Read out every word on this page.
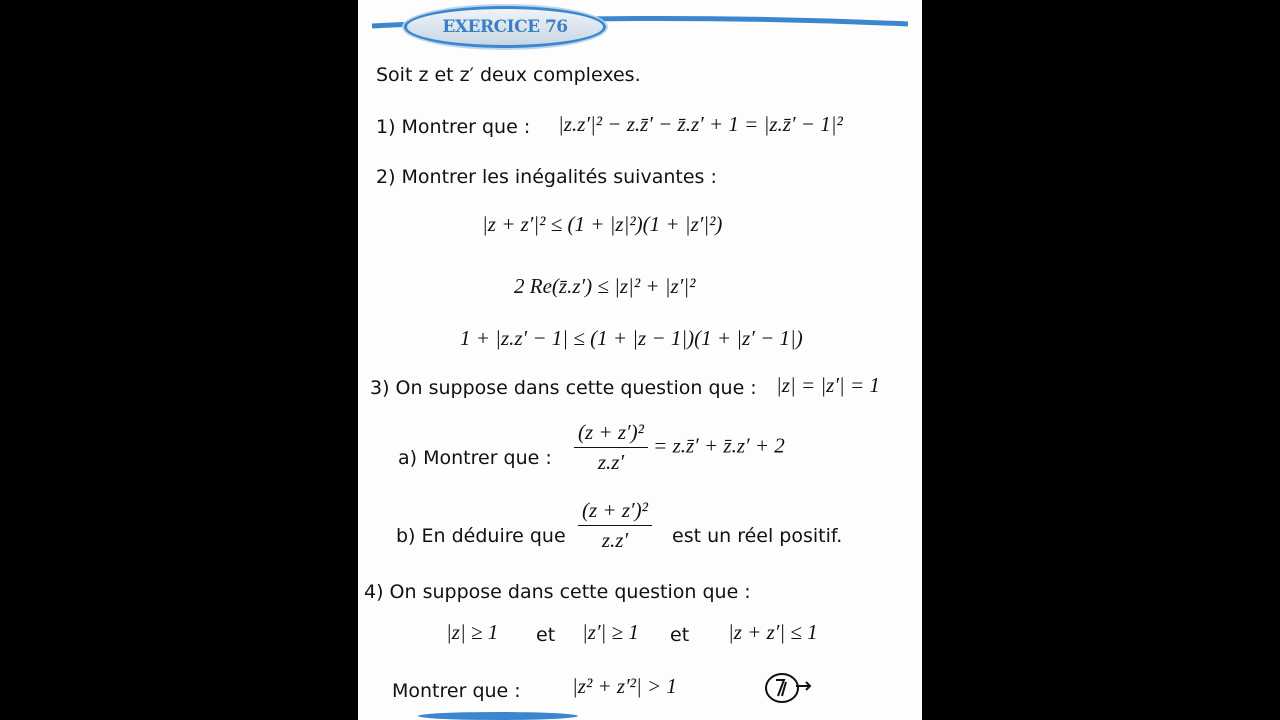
EXERCICE 76
Soit z et z′ deux complexes.
1) Montrer que : |z.z′|² − z.z̄′ − z̄.z′ + 1 = |z.z̄′ − 1|²
2) Montrer les inégalités suivantes :
|z + z′|² ≤ (1 + |z|²)(1 + |z′|²)
2 Re(z̄.z′) ≤ |z|² + |z′|²
1 + |z.z′ − 1| ≤ (1 + |z − 1|)(1 + |z′ − 1|)
3) On suppose dans cette question que : |z| = |z′| = 1
a) Montrer que : $\frac{\text{(z + z′)²}}{z.z'}$ = z.z̄′ + z̄.z′ + 2
b) En déduire que $\frac{\text{(z + z′)²}}{z.z'}$ est un réel positif.
4) On suppose dans cette question que :
|z| ≥ 1 et |z′| ≥ 1 et |z + z′| ≤ 1
Montrer que : |z² + z′²| > 1
